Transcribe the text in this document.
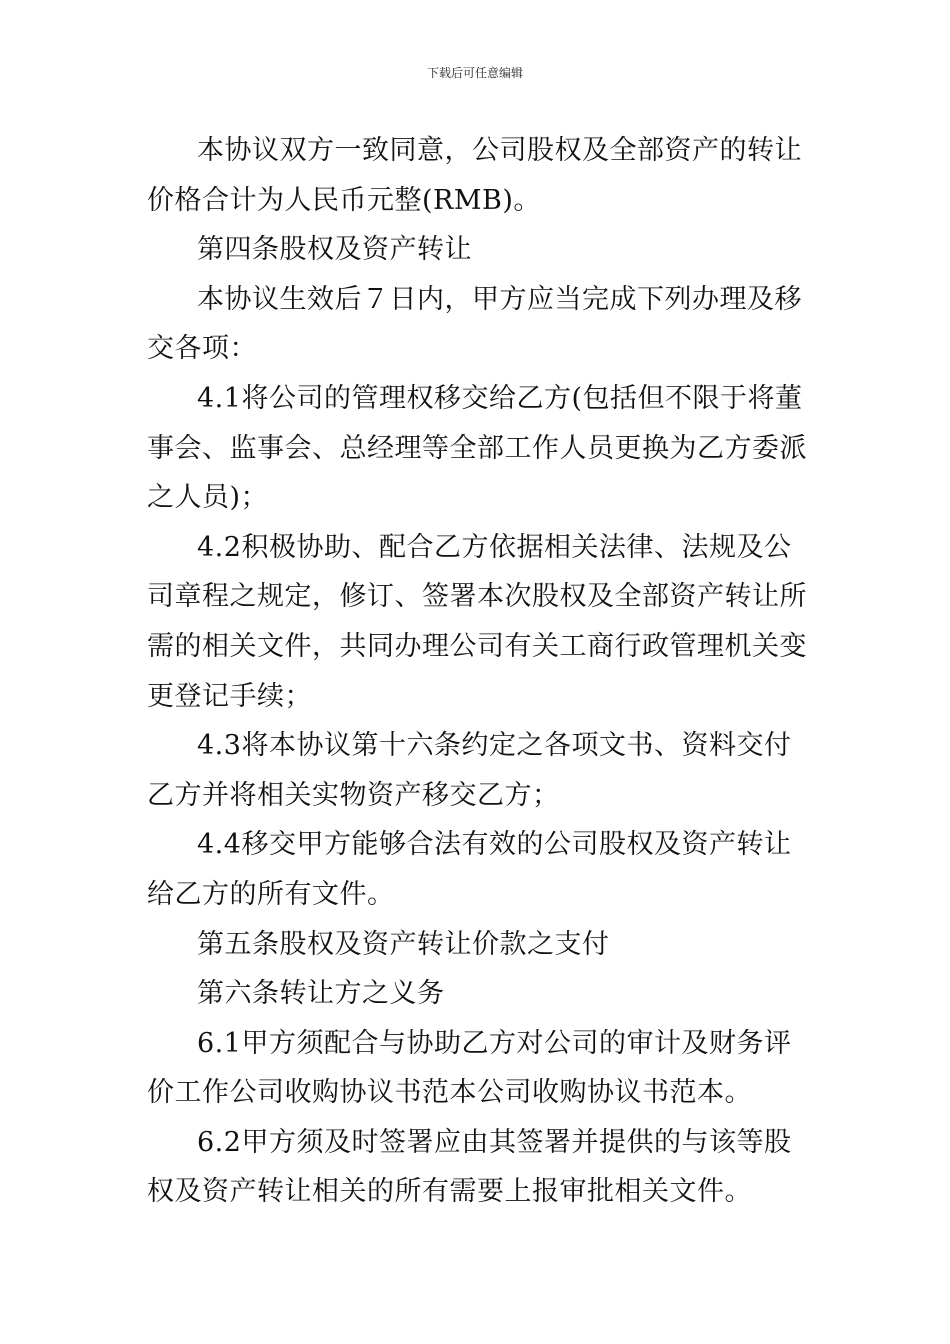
下载后可任意编辑

本协议双方一致同意，公司股权及全部资产的转让价格合计为人民币元整(RMB)。

第四条股权及资产转让

本协议生效后７日内，甲方应当完成下列办理及移交各项：

4.1将公司的管理权移交给乙方(包括但不限于将董事会、监事会、总经理等全部工作人员更换为乙方委派之人员)；

4.2积极协助、配合乙方依据相关法律、法规及公司章程之规定，修订、签署本次股权及全部资产转让所需的相关文件，共同办理公司有关工商行政管理机关变更登记手续；

4.3将本协议第十六条约定之各项文书、资料交付乙方并将相关实物资产移交乙方；

4.4移交甲方能够合法有效的公司股权及资产转让给乙方的所有文件。

第五条股权及资产转让价款之支付

第六条转让方之义务

6.1甲方须配合与协助乙方对公司的审计及财务评价工作公司收购协议书范本公司收购协议书范本。

6.2甲方须及时签署应由其签署并提供的与该等股权及资产转让相关的所有需要上报审批相关文件。
